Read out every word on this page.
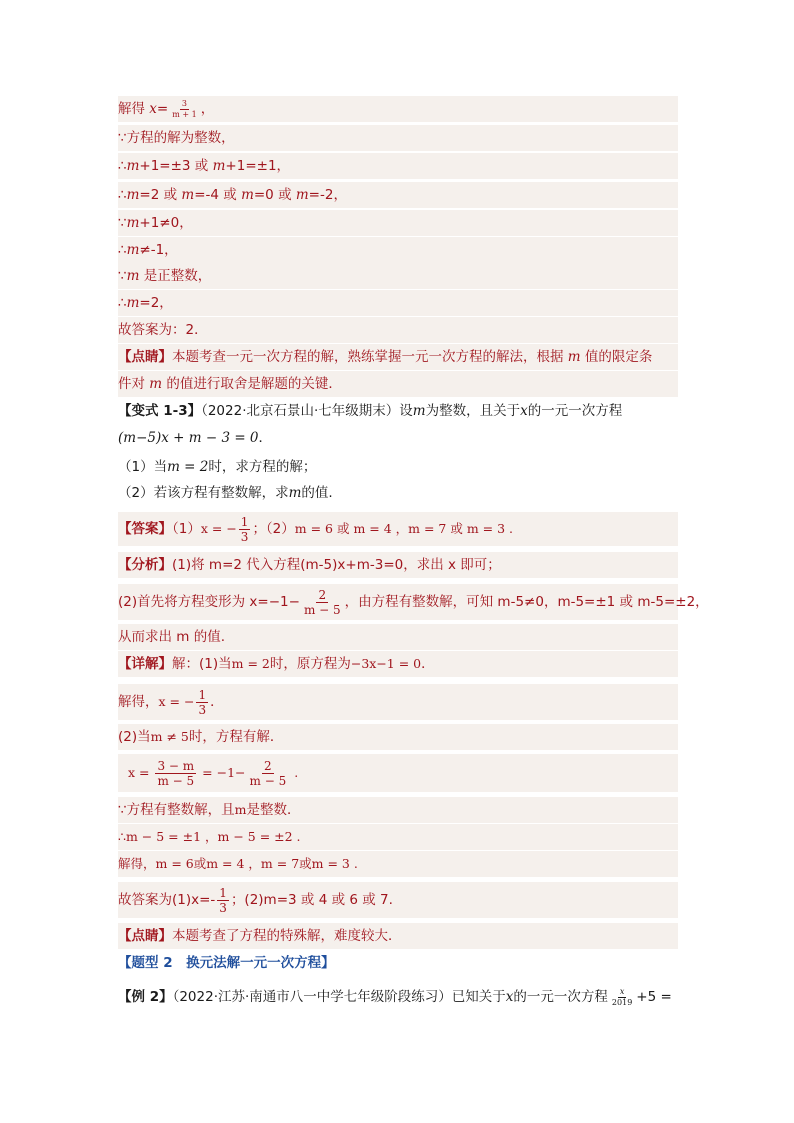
解得 $x= \frac{3}{m + 1}$ ，
∵方程的解为整数，
∴m+1=±3 或 m+1=±1，
∴m=2 或 m=-4 或 m=0 或 m=-2，
∵m+1≠0，
∴m≠-1，
∵m 是正整数，
∴m=2，
故答案为：2．
【点睛】本题考查一元一次方程的解，熟练掌握一元一次方程的解法，根据 m 值的限定条
件对 m 的值进行取舍是解题的关键．
【变式 1-3】（2022·北京石景山·七年级期末）设m为整数，且关于x的一元一次方程
(m−5)x + m − 3 = 0．
（1）当m = 2时，求方程的解；
（2）若该方程有整数解，求m的值.
【答案】（1）x = − $\frac{1}{3}$ ；（2）m = 6 或 m = 4 ，m = 7 或 m = 3 .
【分析】(1)将 m=2 代入方程(m-5)x+m-3=0，求出 x 即可；
(2)首先将方程变形为 $x=-1- \frac{2}{m - 5}$ ，由方程有整数解，可知 m-5≠0，m-5=±1 或 m-5=±2，
从而求出 m 的值.
【详解】解：(1)当m = 2时，原方程为−3x−1 = 0．
解得，x = − $\frac{1}{3}$ ．
(2)当m ≠ 5时，方程有解．
$x = \frac{3 - m}{m - 5} = -1- \frac{2}{m - 5}$ .
∵方程有整数解，且m是整数．
∴m − 5 = ±1 ，m − 5 = ±2 .
解得，m = 6或m = 4 ，m = 7或m = 3 .
故答案为$(1)x=- \frac{1}{3}$ ；(2)m=3 或 4 或 6 或 7.
【点睛】本题考查了方程的特殊解，难度较大．
【题型 2　换元法解一元一次方程】
【例 2】（2022·江苏·南通市八一中学七年级阶段练习）已知关于x的一元一次方程 $\frac{x}{2019} +5$ =
